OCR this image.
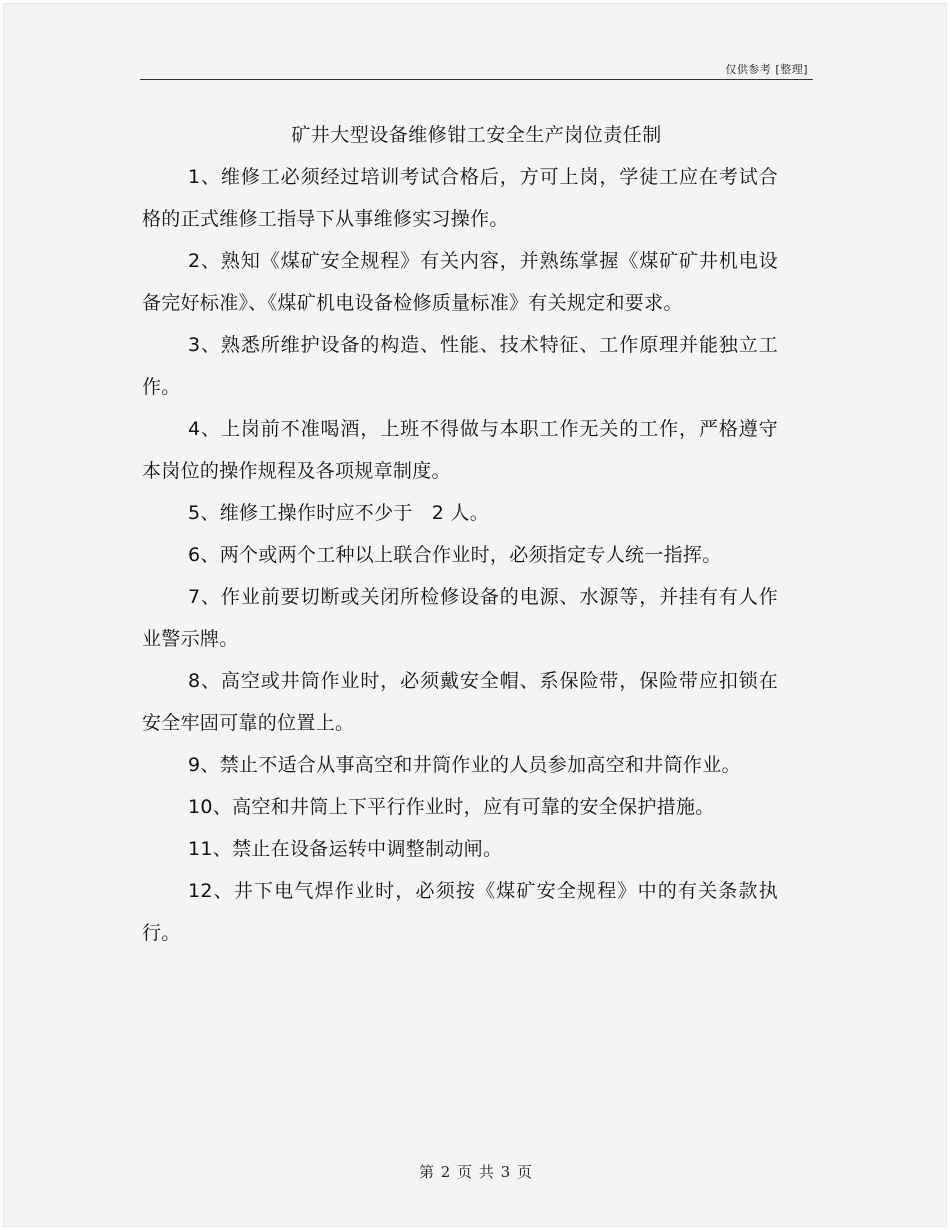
仅供参考 [整理]
矿井大型设备维修钳工安全生产岗位责任制

1、维修工必须经过培训考试合格后，方可上岗，学徒工应在考试合格的正式维修工指导下从事维修实习操作。

2、熟知《煤矿安全规程》有关内容，并熟练掌握《煤矿矿井机电设备完好标准》、《煤矿机电设备检修质量标准》有关规定和要求。

3、熟悉所维护设备的构造、性能、技术特征、工作原理并能独立工作。

4、上岗前不准喝酒，上班不得做与本职工作无关的工作，严格遵守本岗位的操作规程及各项规章制度。

5、维修工操作时应不少于   2 人。

6、两个或两个工种以上联合作业时，必须指定专人统一指挥。

7、作业前要切断或关闭所检修设备的电源、水源等，并挂有有人作业警示牌。

8、高空或井筒作业时，必须戴安全帽、系保险带，保险带应扣锁在安全牢固可靠的位置上。

9、禁止不适合从事高空和井筒作业的人员参加高空和井筒作业。

10、高空和井筒上下平行作业时，应有可靠的安全保护措施。

11、禁止在设备运转中调整制动闸。

12、井下电气焊作业时，必须按《煤矿安全规程》中的有关条款执行。

第 2 页 共 3 页
